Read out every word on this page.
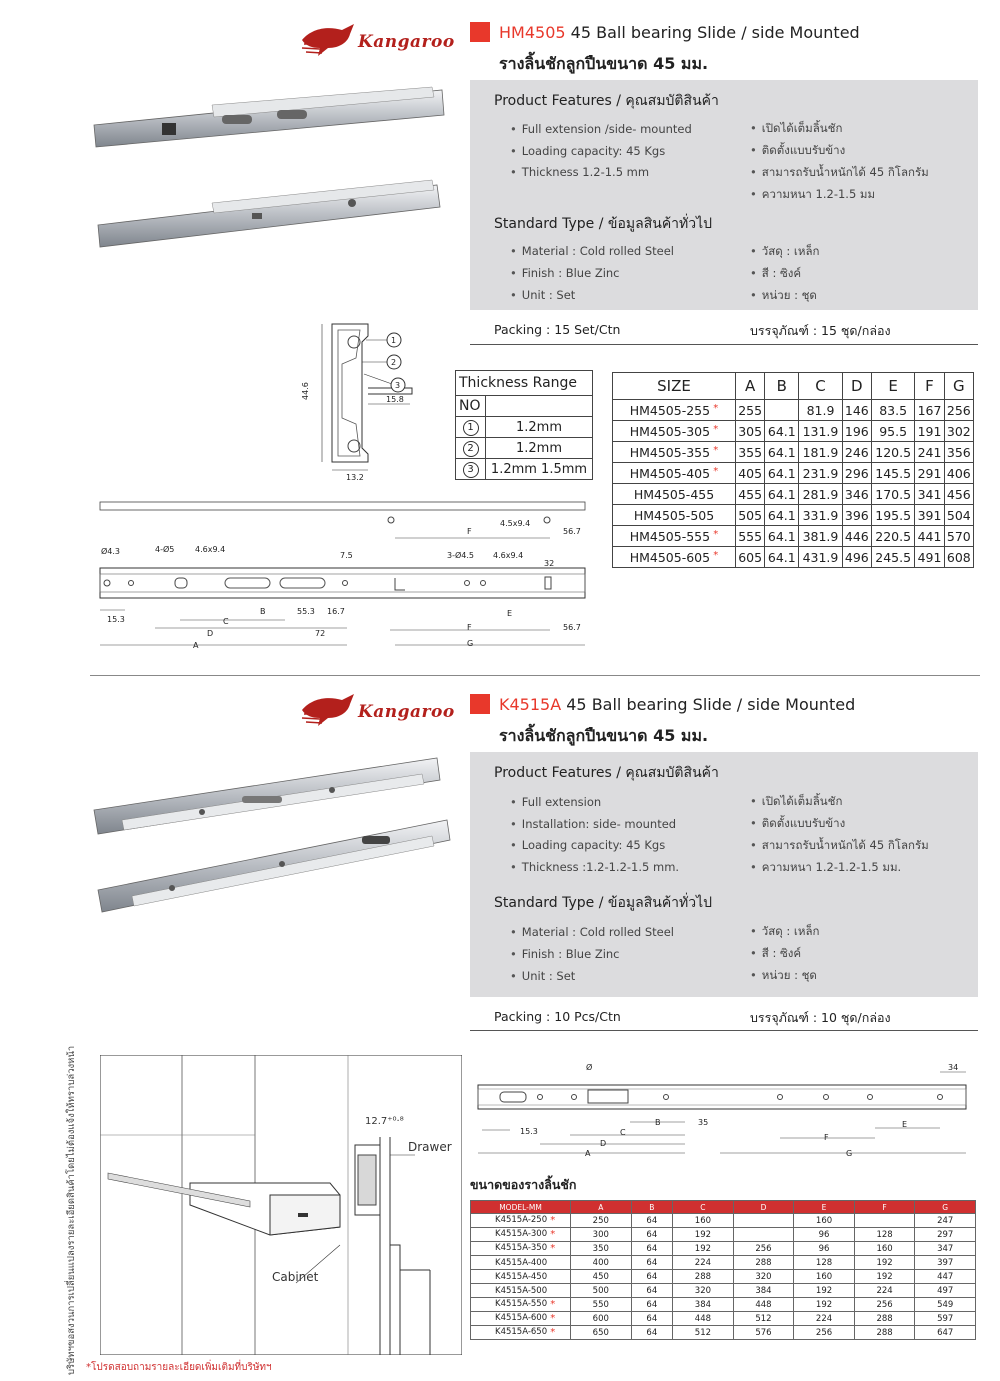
Kangaroo	HM4505 45 Ball bearing Slide / side Mounted
รางลิ้นชักลูกปืนขนาด 45 มม.
Product Features / คุณสมบัติสินค้า
• Full extension /side- mounted
• Loading capacity: 45 Kgs
• Thickness 1.2-1.5 mm
• เปิดได้เต็มลิ้นชัก
• ติดตั้งแบบรับข้าง
• สามารถรับน้ำหนักได้ 45 กิโลกรัม
• ความหนา 1.2-1.5 มม
Standard Type / ข้อมูลสินค้าทั่วไป
• Material : Cold rolled Steel
• Finish : Blue Zinc
• Unit : Set
• วัสดุ : เหล็ก
• สี : ซิงค์
• หน่วย : ชุด
Packing : 15 Set/Ctn	บรรจุภัณฑ์ : 15 ชุด/กล่อง
1
2
3
44.6
13.2
15.8
Thickness Range	
NO	
1	1.2mm
2	1.2mm
3	1.2mm 1.5mm
SIZE	A	B	C	D	E	F	G
HM4505-255 *	255		81.9	146	83.5	167	256
HM4505-305 *	305	64.1	131.9	196	95.5	191	302
HM4505-355 *	355	64.1	181.9	246	120.5	241	356
HM4505-405 *	405	64.1	231.9	296	145.5	291	406
HM4505-455	455	64.1	281.9	346	170.5	341	456
HM4505-505	505	64.1	331.9	396	195.5	391	504
HM4505-555 *	555	64.1	381.9	446	220.5	441	570
HM4505-605 *	605	64.1	431.9	496	245.5	491	608
Ø4.3	4-Ø5	4.6x9.4
7.5	3-Ø4.5 4.6x9.4
32
4.5x9.4
56.7
F
15.3
B	55.3 16.7
C
D	72
A
E
F	56.7
G
Kangaroo	K4515A 45 Ball bearing Slide / side Mounted
รางลิ้นชักลูกปืนขนาด 45 มม.
Product Features / คุณสมบัติสินค้า
• Full extension
• Installation: side- mounted
• Loading capacity: 45 Kgs
• Thickness :1.2-1.2-1.5 mm.
• เปิดได้เต็มลิ้นชัก
• ติดตั้งแบบรับข้าง
• สามารถรับน้ำหนักได้ 45 กิโลกรัม
• ความหนา 1.2-1.2-1.5 มม.
Standard Type / ข้อมูลสินค้าทั่วไป
• Material : Cold rolled Steel
• Finish : Blue Zinc
• Unit : Set
• วัสดุ : เหล็ก
• สี : ซิงค์
• หน่วย : ชุด
Packing : 10 Pcs/Ctn	บรรจุภัณฑ์ : 10 ชุด/กล่อง
Drawer
Cabinet
12.7⁺⁰·⁸
Ø
15.3
B	35
C
D
A
E
F
G
34
ขนาดของรางลิ้นชัก
MODEL-MM	A	B	C	D	E	F	G
K4515A-250 *	250	64	160		160		247
K4515A-300 *	300	64	192		96	128	297
K4515A-350 *	350	64	192	256	96	160	347
K4515A-400	400	64	224	288	128	192	397
K4515A-450	450	64	288	320	160	192	447
K4515A-500	500	64	320	384	192	224	497
K4515A-550 *	550	64	384	448	192	256	549
K4515A-600 *	600	64	448	512	224	288	597
K4515A-650 *	650	64	512	576	256	288	647
*โปรดสอบถามรายละเอียดเพิ่มเติมที่บริษัทฯ
บริษัทฯขอสงวนการเปลี่ยนแปลงรายละเอียดสินค้าโดยไม่ต้องแจ้งให้ทราบล่วงหน้า
